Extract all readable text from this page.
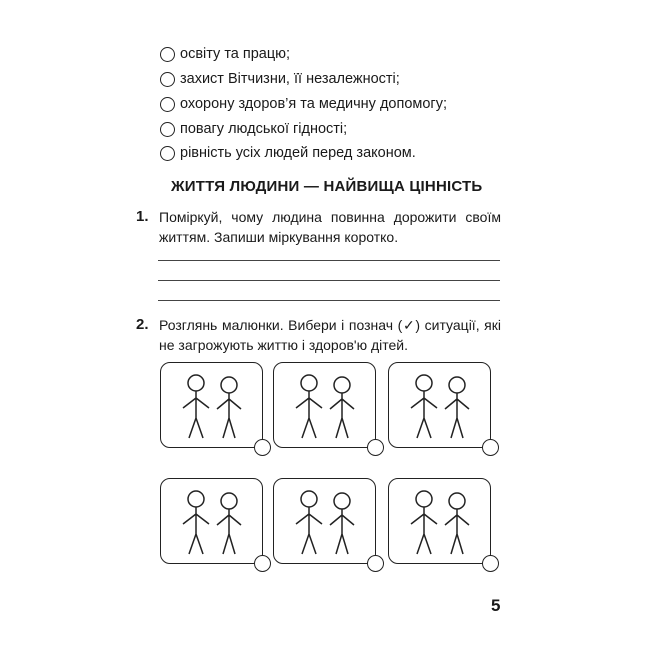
освіту та працю;
захист Вітчизни, її незалежності;
охорону здоров’я та медичну допомогу;
повагу людської гідності;
рівність усіх людей перед законом.
ЖИТТЯ ЛЮДИНИ — НАЙВИЩА ЦІННІСТЬ
1. Поміркуй, чому людина повинна дорожити своїм життям. Запиши міркування коротко.
2. Розглянь малюнки. Вибери і познач (✓) ситуації, які не загрожують життю і здоров'ю дітей.
5
